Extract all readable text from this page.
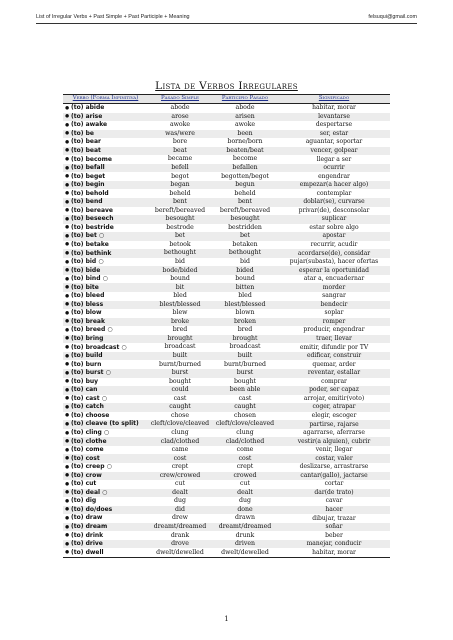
List of Irregular Verbs + Past Simple + Past Participle + Meaning	felsuqui@gmail.com
Lista de Verbos Irregulares
Verbo (Forma Infinitiva)	Pasado Simple	Participio Pasado	Significado
● (to) abide	abode	abode	habitar, morar
● (to) arise	arose	arisen	levantarse
● (to) awake	awoke	awoke	despertarse
● (to) be	was/were	been	ser, estar
● (to) bear	bore	borne/born	aguantar, soportar
● (to) beat	beat	beaten/beat	vencer, golpear
● (to) become	became	become	llegar a ser
● (to) befall	befell	befallen	ocurrir
● (to) beget	begot	begotten/begot	engendrar
● (to) begin	began	begun	empezar(a hacer algo)
● (to) behold	beheld	beheld	contemplar
● (to) bend	bent	bent	doblar(se), curvarse
● (to) bereave	bereft/bereaved	bereft/bereaved	privar(de), desconsolar
● (to) beseech	besought	besought	suplicar
● (to) bestride	bestrode	bestridden	estar sobre algo
● (to) bet ○	bet	bet	apostar
● (to) betake	betook	betaken	recurrir, acudir
● (to) bethink	bethought	bethought	acordarse(de), considar
● (to) bid ○	bid	bid	pujar(subasta), hacer ofertas
● (to) bide	bode/bided	bided	esperar la oportunidad
● (to) bind ○	bound	bound	atar a, encuadernar
● (to) bite	bit	bitten	morder
● (to) bleed	bled	bled	sangrar
● (to) bless	blest/blessed	blest/blessed	bendecir
● (to) blow	blew	blown	soplar
● (to) break	broke	broken	romper
● (to) breed ○	bred	bred	producir, engendrar
● (to) bring	brought	brought	traer, llevar
● (to) broadcast ○	broadcast	broadcast	emitir, difundir por TV
● (to) build	built	built	edificar, construir
● (to) burn	burnt/burned	burnt/burned	quemar, arder
● (to) burst ○	burst	burst	reventar, estallar
● (to) buy	bought	bought	comprar
● (to) can	could	been able	poder, ser capaz
● (to) cast ○	cast	cast	arrojar, emitir(voto)
● (to) catch	caught	caught	coger, atrapar
● (to) choose	chose	chosen	elegir, escoger
● (to) cleave (to split)	cleft/clove/cleaved	cleft/clove/cleaved	partirse, rajarse
● (to) cling ○	clung	clung	agarrarse, aferrarse
● (to) clothe	clad/clothed	clad/clothed	vestir(a alguien), cubrir
● (to) come	came	come	venir, llegar
● (to) cost	cost	cost	costar, valer
● (to) creep ○	crept	crept	deslizarse, arrastrarse
● (to) crow	crew/crowed	crowed	cantar(gallo), jactarse
● (to) cut	cut	cut	cortar
● (to) deal ○	dealt	dealt	dar(de trato)
● (to) dig	dug	dug	cavar
● (to) do/does	did	done	hacer
● (to) draw	drew	drawn	dibujar, trazar
● (to) dream	dreamt/dreamed	dreamt/dreamed	soñar
● (to) drink	drank	drunk	beber
● (to) drive	drove	driven	manejar, conducir
● (to) dwell	dwelt/dewelled	dwelt/dewelled	habitar, morar
1
